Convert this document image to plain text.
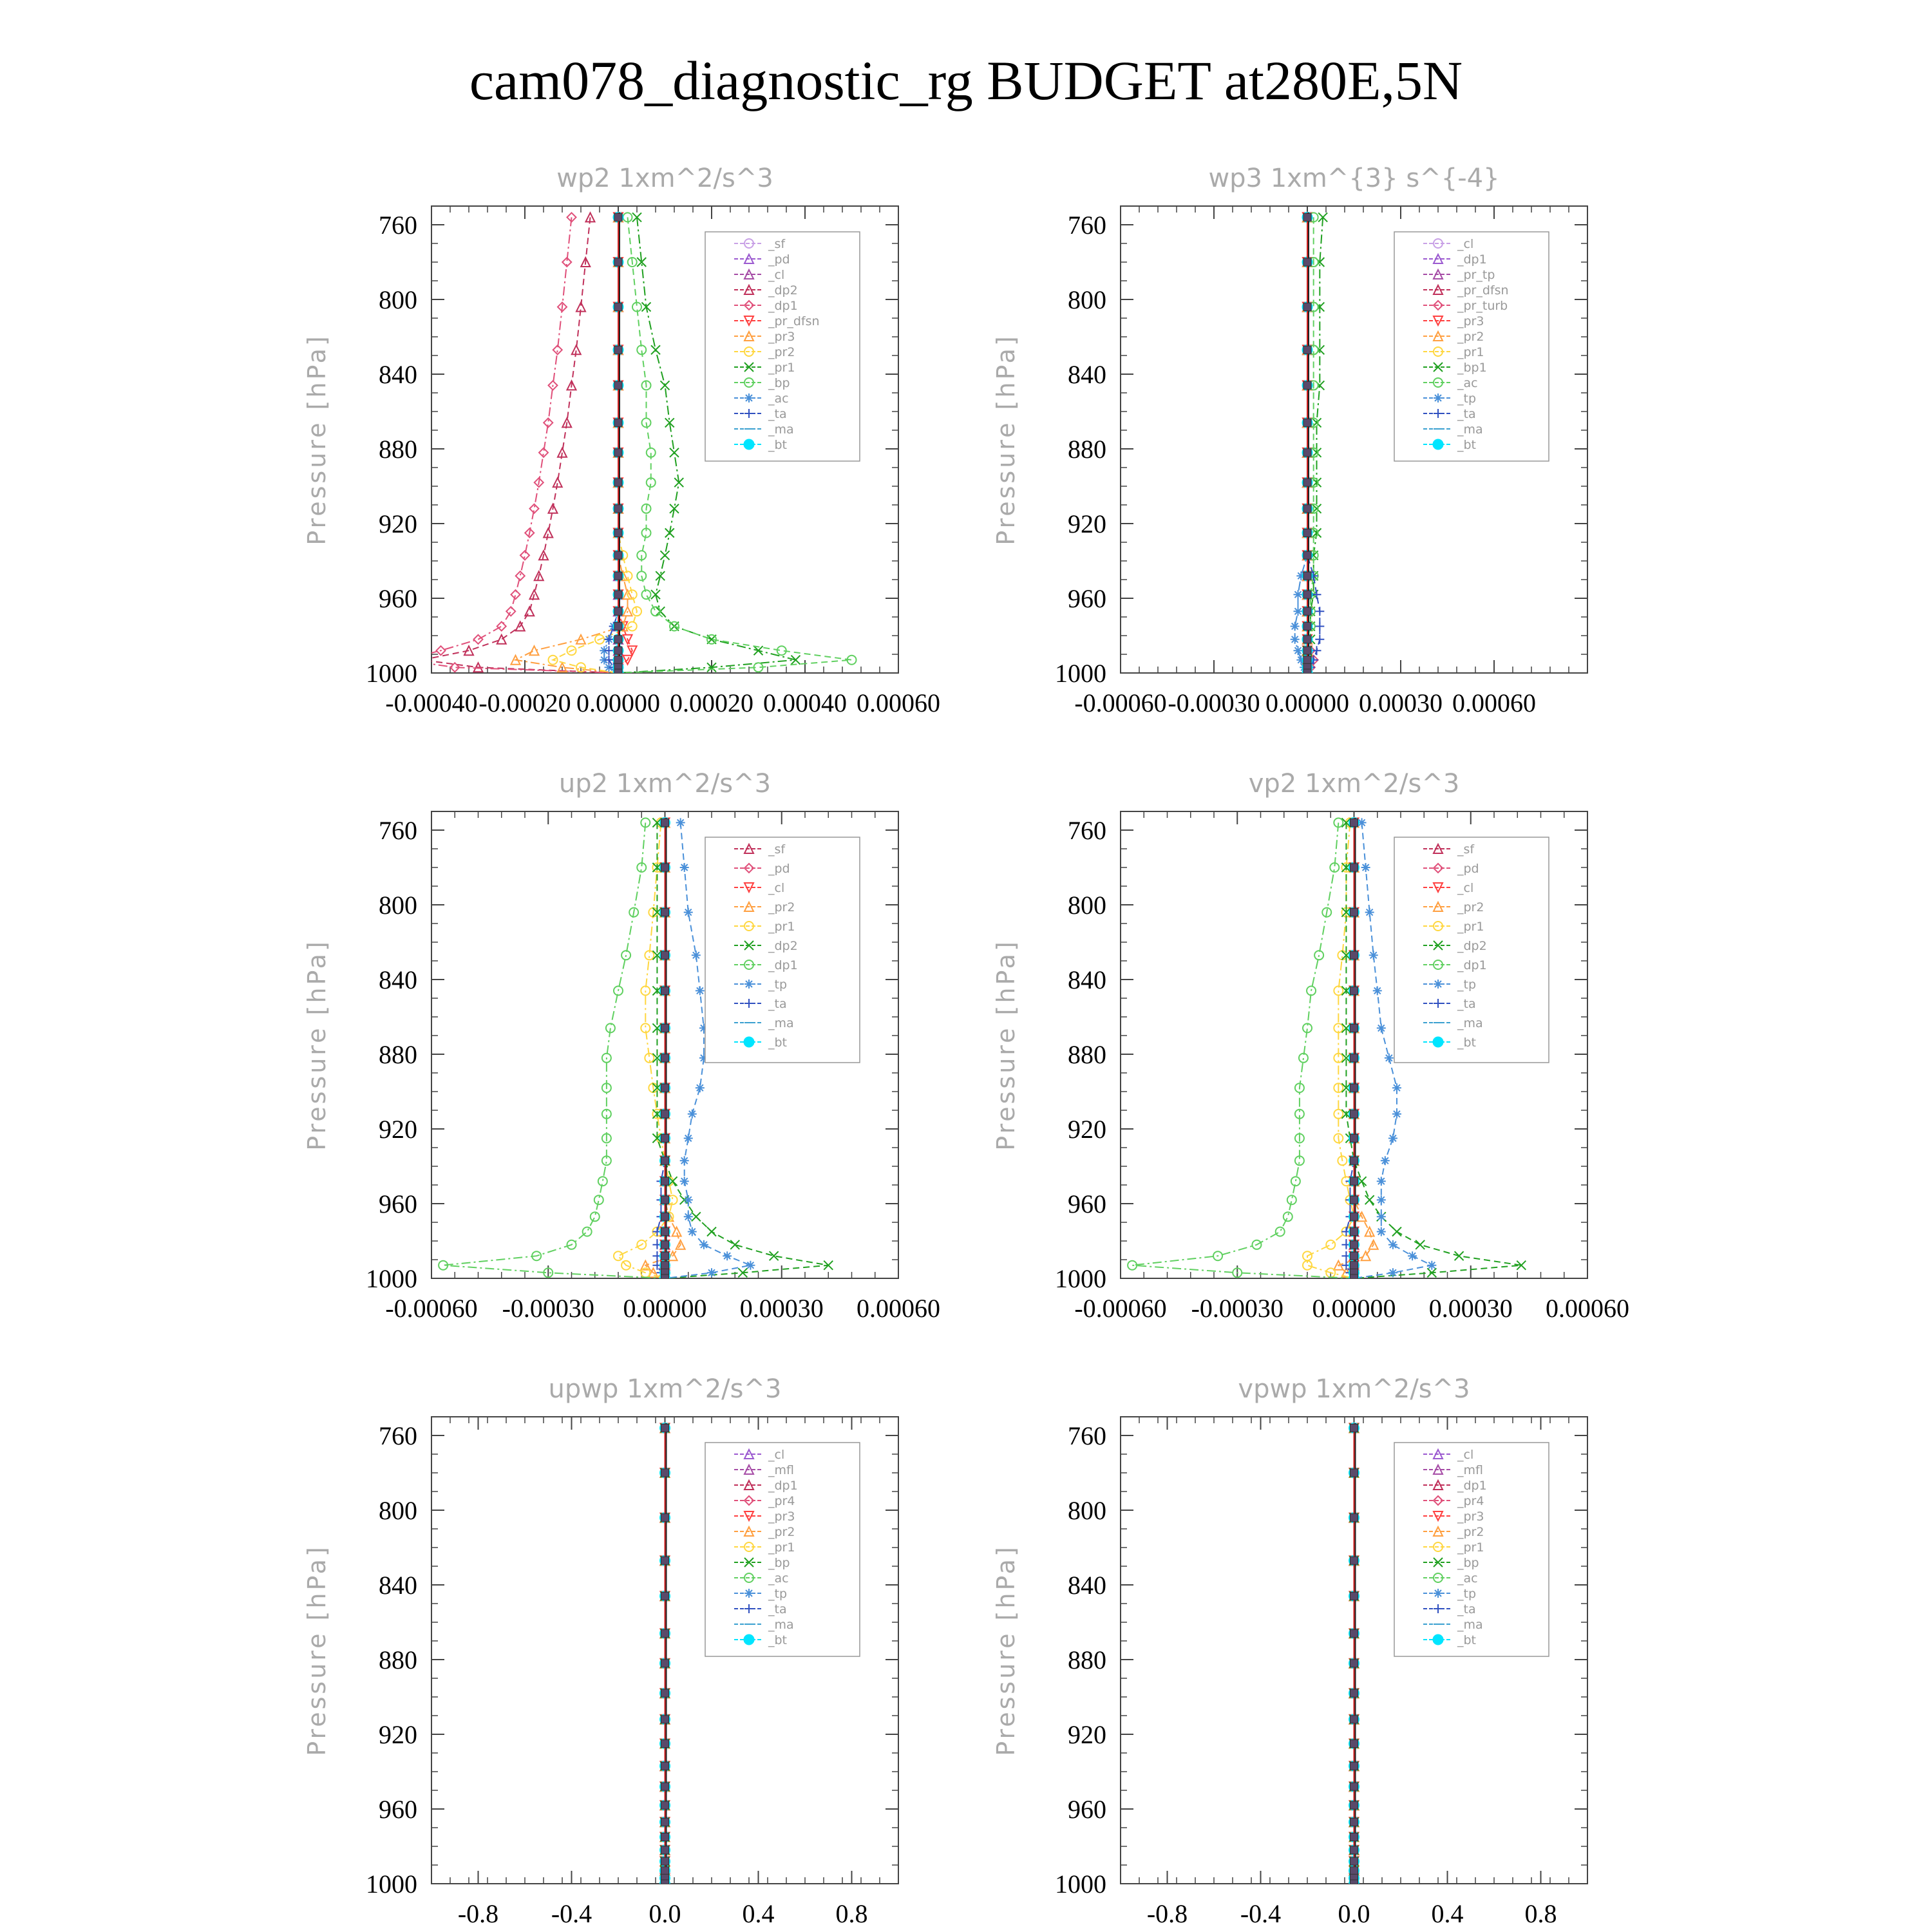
cam078_diagnostic_rg BUDGET at280E,5N
wp2 1xm^2/s^3
Pressure [hPa]
760
800
840
880
920
960
1000
-0.00040 -0.00020 0.00000 0.00020 0.00040 0.00060
_sf
_pd
_cl
_dp2
_dp1
_pr_dfsn
_pr3
_pr2
_pr1
_bp
_ac
_ta
_ma
_bt
wp3 1xm^{3} s^{-4}
Pressure [hPa]
760
800
840
880
920
960
1000
-0.00060 -0.00030 0.00000 0.00030 0.00060
_cl
_dp1
_pr_tp
_pr_dfsn
_pr_turb
_pr3
_pr2
_pr1
_bp1
_ac
_tp
_ta
_ma
_bt
up2 1xm^2/s^3
Pressure [hPa]
760
800
840
880
920
960
1000
-0.00060 -0.00030 0.00000 0.00030 0.00060
_sf
_pd
_cl
_pr2
_pr1
_dp2
_dp1
_tp
_ta
_ma
_bt
vp2 1xm^2/s^3
Pressure [hPa]
760
800
840
880
920
960
1000
-0.00060 -0.00030 0.00000 0.00030 0.00060
_sf
_pd
_cl
_pr2
_pr1
_dp2
_dp1
_tp
_ta
_ma
_bt
upwp 1xm^2/s^3
Pressure [hPa]
760
800
840
880
920
960
1000
-0.8 -0.4 0.0 0.4 0.8
_cl
_mfl
_dp1
_pr4
_pr3
_pr2
_pr1
_bp
_ac
_tp
_ta
_ma
_bt
vpwp 1xm^2/s^3
Pressure [hPa]
760
800
840
880
920
960
1000
-0.8 -0.4 0.0 0.4 0.8
_cl
_mfl
_dp1
_pr4
_pr3
_pr2
_pr1
_bp
_ac
_tp
_ta
_ma
_bt
